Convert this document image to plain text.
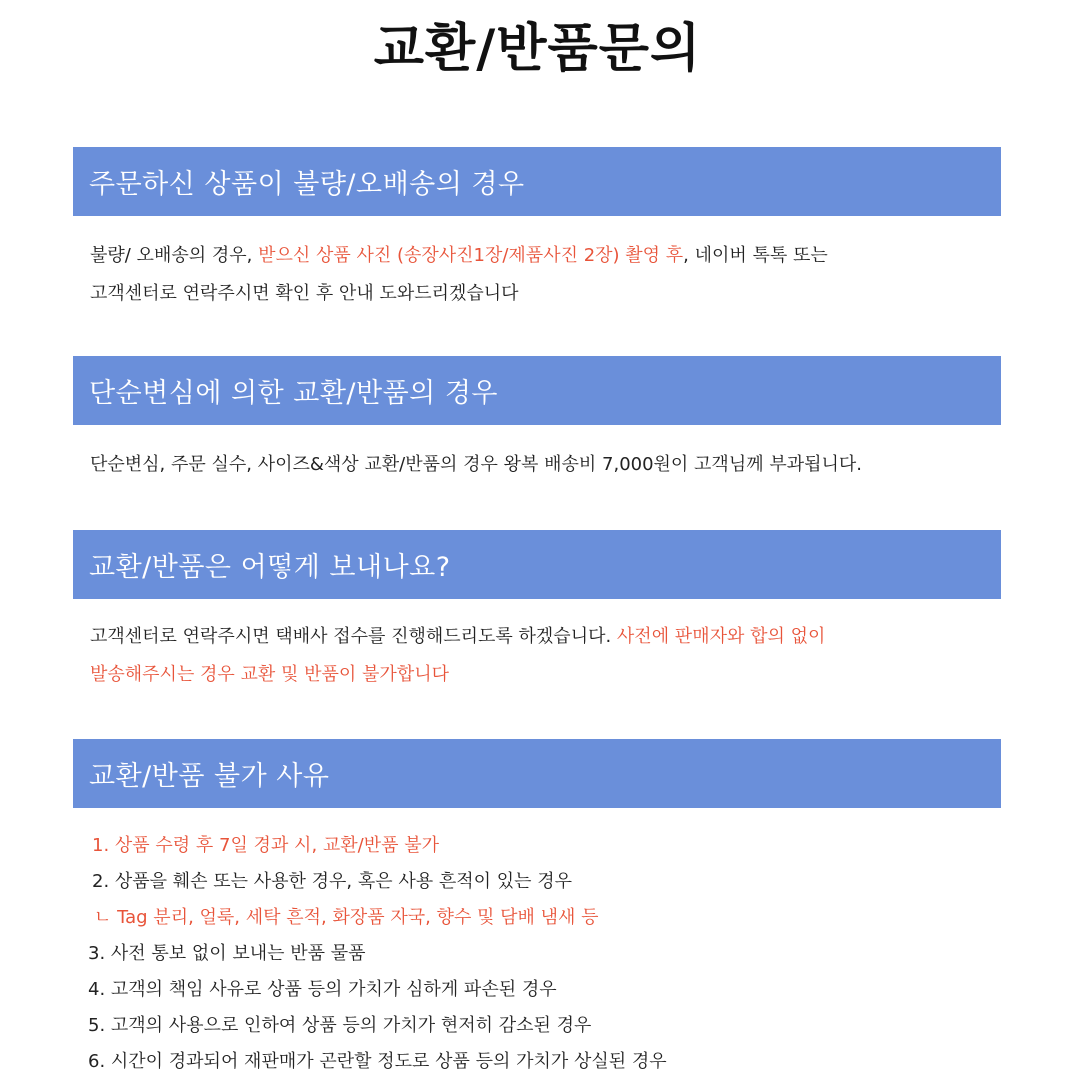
교환/반품문의
주문하신 상품이 불량/오배송의 경우
불량/ 오배송의 경우, 받으신 상품 사진 (송장사진1장/제품사진 2장) 촬영 후, 네이버 톡톡 또는
고객센터로 연락주시면 확인 후 안내 도와드리겠습니다
단순변심에 의한 교환/반품의 경우
단순변심, 주문 실수, 사이즈&색상 교환/반품의 경우 왕복 배송비 7,000원이 고객님께 부과됩니다.
교환/반품은 어떻게 보내나요?
고객센터로 연락주시면 택배사 접수를 진행해드리도록 하겠습니다. 사전에 판매자와 합의 없이
발송해주시는 경우 교환 및 반품이 불가합니다
교환/반품 불가 사유
1. 상품 수령 후 7일 경과 시, 교환/반품 불가
2. 상품을 훼손 또는 사용한 경우, 혹은 사용 흔적이 있는 경우
ㄴ Tag 분리, 얼룩, 세탁 흔적, 화장품 자국, 향수 및 담배 냄새 등
3. 사전 통보 없이 보내는 반품 물품
4. 고객의 책임 사유로 상품 등의 가치가 심하게 파손된 경우
5. 고객의 사용으로 인하여 상품 등의 가치가 현저히 감소된 경우
6. 시간이 경과되어 재판매가 곤란할 정도로 상품 등의 가치가 상실된 경우
